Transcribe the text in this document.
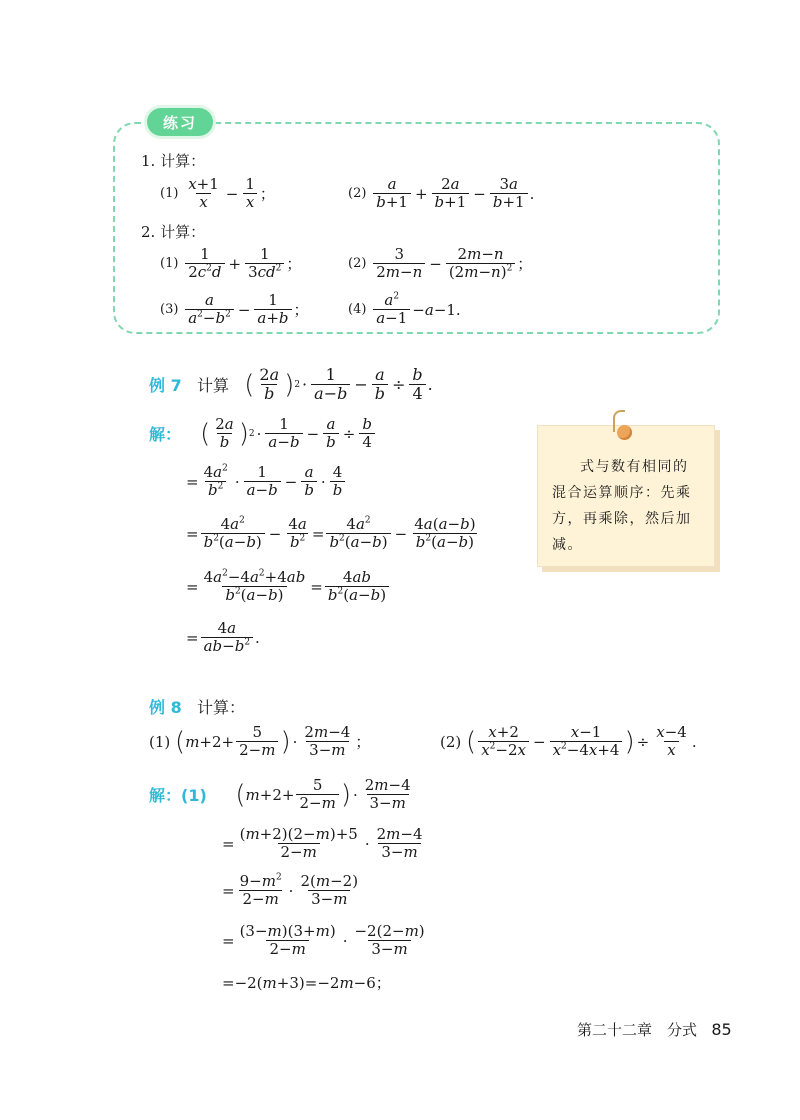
练习
1. 计算：
(1)
$\frac{x+1}{x} - \frac{1}{x}$ ；	(2)
$\frac{a}{b+1} + \frac{2a}{b+1} - \frac{3a}{b+1}$ .
2. 计算：
(1)
$\frac{1}{2c^2d} + \frac{1}{3cd^2}$ ；	(2)
$\frac{3}{2m-n} - \frac{2m-n}{(2m-n)^2}$ ；
(3)
$\frac{a}{a^2-b^2} - \frac{1}{a+b}$ ；	(4)
$\frac{a^2}{a-1} -a-1$.
例 7
计算
( $\frac{2a}{b}$ ) $2 \cdot \frac{1}{a-b} - \frac{a}{b} \div \frac{b}{4}$ .
解：
( $\frac{2a}{b}$ ) $2 \cdot \frac{1}{a-b} - \frac{a}{b} \div \frac{b}{4}$
= $\frac{4a^2}{b^2} \cdot \frac{1}{a-b} - \frac{a}{b} \cdot \frac{4}{b}$
= $\frac{4a^2}{b^2(a-b)} - \frac{4a}{b^2} = \frac{4a^2}{b^2(a-b)} - \frac{4a(a-b)}{b^2(a-b)}$
= $\frac{4a^2-4a^2+4ab}{b^2(a-b)} = \frac{4ab}{b^2(a-b)}$
= $\frac{4a}{ab-b^2}$ .
式与数有相同的混合运算顺序：先乘方，再乘除，然后加减。
例 8
计算：
(1)
( $m +2+ \frac{5}{2-m}$ ) · $\frac{2m-4}{3-m}$ ；	(2)
( $\frac{x+2}{x^2-2x} - \frac{x-1}{x^2-4x+4}$ ) ÷ $\frac{x-4}{x}$ .
解：(1)
( $m +2+ \frac{5}{2-m}$ ) · $\frac{2m-4}{3-m}$
= $\frac{(m+2)(2-m)+5}{2-m} \cdot \frac{2m-4}{3-m}$
= $\frac{9-m^2}{2-m} \cdot \frac{2(m-2)}{3-m}$
= $\frac{(3-m)(3+m)}{2-m} \cdot \frac{-2(2-m)}{3-m}$
=−2( m +3)=−2 m −6；
第二十二章　分式 85
